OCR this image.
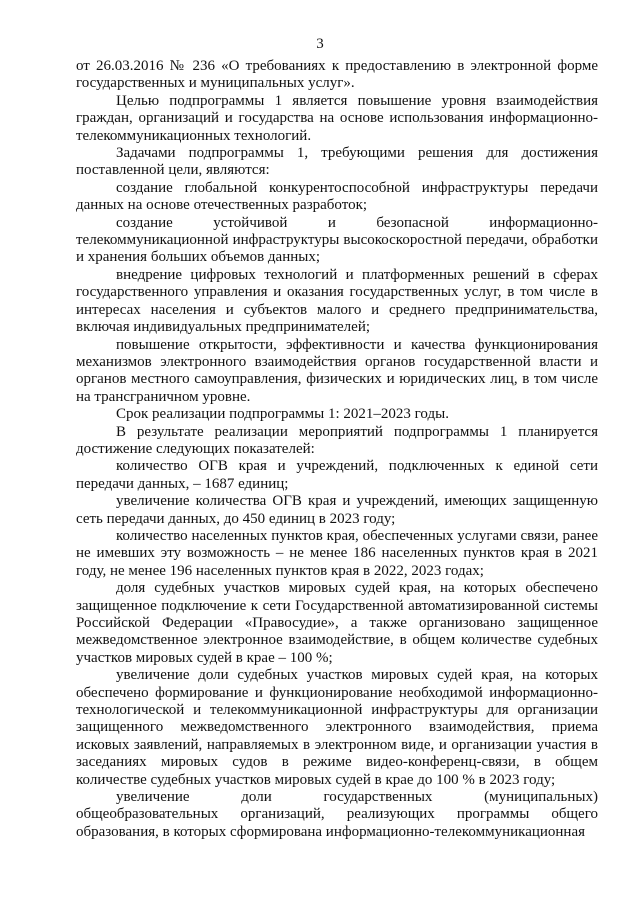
3

от 26.03.2016 № 236 «О требованиях к предоставлению в электронной форме государственных и муниципальных услуг».

Целью подпрограммы 1 является повышение уровня взаимодействия граждан, организаций и государства на основе использования информационно-телекоммуникационных технологий.

Задачами подпрограммы 1, требующими решения для достижения поставленной цели, являются:

создание глобальной конкурентоспособной инфраструктуры передачи данных на основе отечественных разработок;

создание устойчивой и безопасной информационно-телекоммуникационной инфраструктуры высокоскоростной передачи, обработки и хранения больших объемов данных;

внедрение цифровых технологий и платформенных решений в сферах государственного управления и оказания государственных услуг, в том числе в интересах населения и субъектов малого и среднего предпринимательства, включая индивидуальных предпринимателей;

повышение открытости, эффективности и качества функционирования механизмов электронного взаимодействия органов государственной власти и органов местного самоуправления, физических и юридических лиц, в том числе на трансграничном уровне.

Срок реализации подпрограммы 1: 2021–2023 годы.

В результате реализации мероприятий подпрограммы 1 планируется достижение следующих показателей:

количество ОГВ края и учреждений, подключенных к единой сети передачи данных, – 1687 единиц;

увеличение количества ОГВ края и учреждений, имеющих защищенную сеть передачи данных, до 450 единиц в 2023 году;

количество населенных пунктов края, обеспеченных услугами связи, ранее не имевших эту возможность – не менее 186 населенных пунктов края в 2021 году, не менее 196 населенных пунктов края в 2022, 2023 годах;

доля судебных участков мировых судей края, на которых обеспечено защищенное подключение к сети Государственной автоматизированной системы Российской Федерации «Правосудие», а также организовано защищенное межведомственное электронное взаимодействие, в общем количестве судебных участков мировых судей в крае – 100 %;

увеличение доли судебных участков мировых судей края, на которых обеспечено формирование и функционирование необходимой информационно-технологической и телекоммуникационной инфраструктуры для организации защищенного межведомственного электронного взаимодействия, приема исковых заявлений, направляемых в электронном виде, и организации участия в заседаниях мировых судов в режиме видео-конференц-связи, в общем количестве судебных участков мировых судей в крае до 100 % в 2023 году;

увеличение доли государственных (муниципальных) общеобразовательных организаций, реализующих программы общего образования, в которых сформирована информационно-телекоммуникационная
